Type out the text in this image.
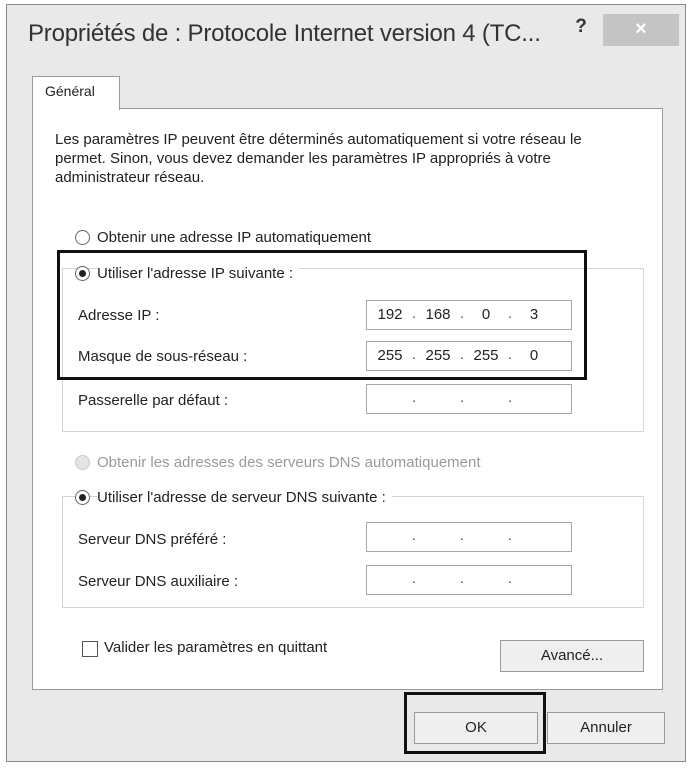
Propriétés de : Protocole Internet version 4 (TC...	?	×
Général
Les paramètres IP peuvent être déterminés automatiquement si votre réseau le permet. Sinon, vous devez demander les paramètres IP appropriés à votre administrateur réseau.
Obtenir une adresse IP automatiquement
Utiliser l'adresse IP suivante :
Adresse IP :	192 . 168 .	0	.	3
Masque de sous-réseau :	255 . 255 . 255 .	0
Passerelle par défaut :	.	.	.
Obtenir les adresses des serveurs DNS automatiquement
Utiliser l'adresse de serveur DNS suivante :
Serveur DNS préféré :	.	.	.
Serveur DNS auxiliaire :	.	.	.
Valider les paramètres en quittant	Avancé...
OK	Annuler
